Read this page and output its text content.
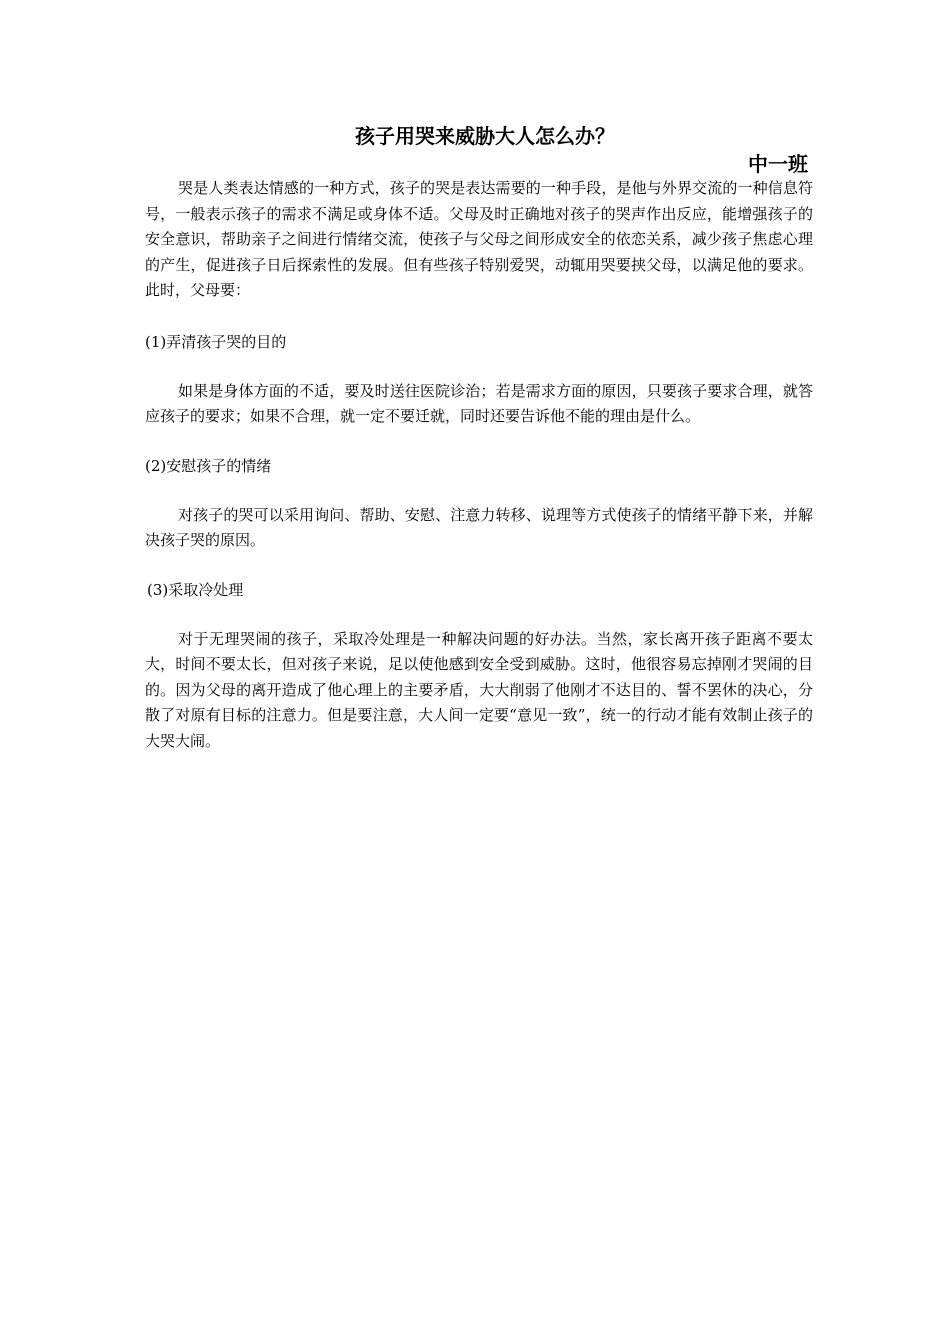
孩子用哭来威胁大人怎么办？
中一班

哭是人类表达情感的一种方式，孩子的哭是表达需要的一种手段，是他与外界交流的一种信息符号，一般表示孩子的需求不满足或身体不适。父母及时正确地对孩子的哭声作出反应，能增强孩子的安全意识，帮助亲子之间进行情绪交流，使孩子与父母之间形成安全的依恋关系，减少孩子焦虑心理的产生，促进孩子日后探索性的发展。但有些孩子特别爱哭，动辄用哭要挟父母，以满足他的要求。此时，父母要：

(1)弄清孩子哭的目的

如果是身体方面的不适，要及时送往医院诊治；若是需求方面的原因，只要孩子要求合理，就答应孩子的要求；如果不合理，就一定不要迁就，同时还要告诉他不能的理由是什么。

(2)安慰孩子的情绪

对孩子的哭可以采用询问、帮助、安慰、注意力转移、说理等方式使孩子的情绪平静下来，并解决孩子哭的原因。

(3)采取冷处理

对于无理哭闹的孩子，采取冷处理是一种解决问题的好办法。当然，家长离开孩子距离不要太大，时间不要太长，但对孩子来说，足以使他感到安全受到威胁。这时，他很容易忘掉刚才哭闹的目的。因为父母的离开造成了他心理上的主要矛盾，大大削弱了他刚才不达目的、誓不罢休的决心，分散了对原有目标的注意力。但是要注意，大人间一定要“意见一致”，统一的行动才能有效制止孩子的大哭大闹。
